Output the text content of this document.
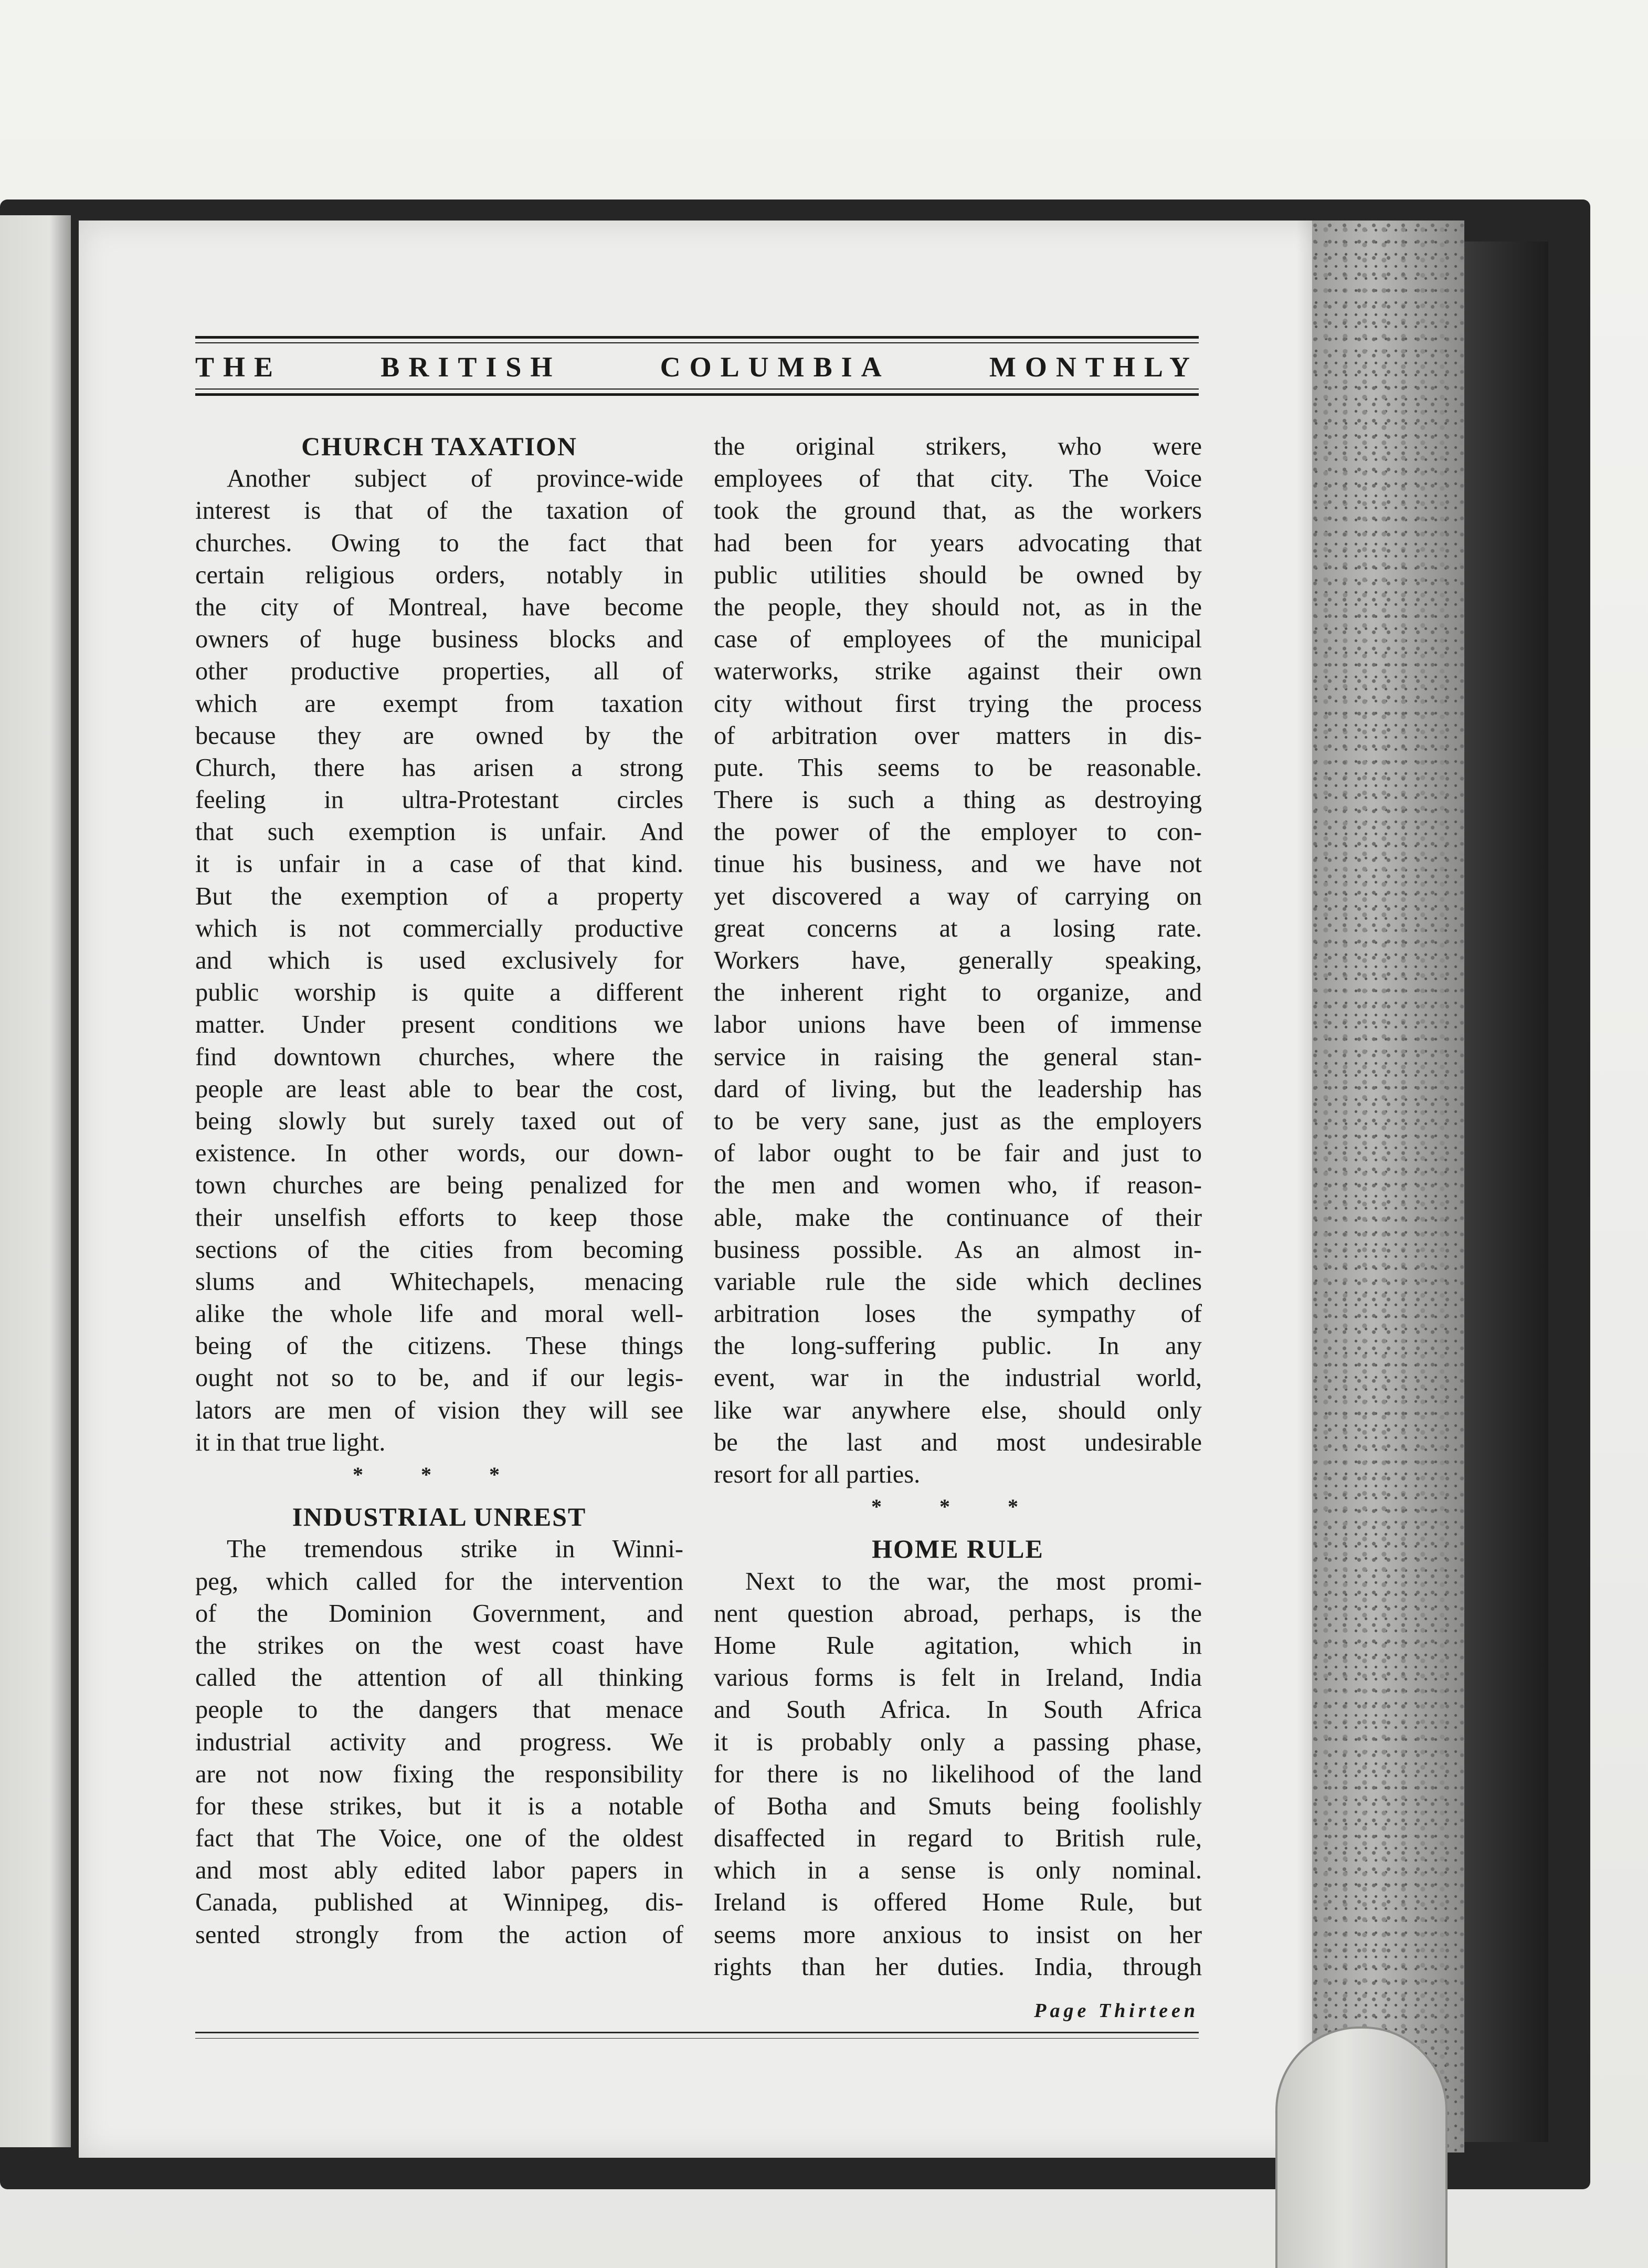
THE	BRITISH	COLUMBIA	MONTHLY
CHURCH TAXATION
Another subject of province-wide
interest is that of the taxation of
churches. Owing to the fact that
certain religious orders, notably in
the city of Montreal, have become
owners of huge business blocks and
other productive properties, all of
which are exempt from taxation
because they are owned by the
Church, there has arisen a strong
feeling in ultra-Protestant circles
that such exemption is unfair. And
it is unfair in a case of that kind.
But the exemption of a property
which is not commercially productive
and which is used exclusively for
public worship is quite a different
matter. Under present conditions we
find downtown churches, where the
people are least able to bear the cost,
being slowly but surely taxed out of
existence. In other words, our down-
town churches are being penalized for
their unselfish efforts to keep those
sections of the cities from becoming
slums and Whitechapels, menacing
alike the whole life and moral well-
being of the citizens. These things
ought not so to be, and if our legis-
lators are men of vision they will see
it in that true light.
* * *
INDUSTRIAL UNREST
The tremendous strike in Winni-
peg, which called for the intervention
of the Dominion Government, and
the strikes on the west coast have
called the attention of all thinking
people to the dangers that menace
industrial activity and progress. We
are not now fixing the responsibility
for these strikes, but it is a notable
fact that The Voice, one of the oldest
and most ably edited labor papers in
Canada, published at Winnipeg, dis-
sented strongly from the action of
the original strikers, who were
employees of that city. The Voice
took the ground that, as the workers
had been for years advocating that
public utilities should be owned by
the people, they should not, as in the
case of employees of the municipal
waterworks, strike against their own
city without first trying the process
of arbitration over matters in dis-
pute. This seems to be reasonable.
There is such a thing as destroying
the power of the employer to con-
tinue his business, and we have not
yet discovered a way of carrying on
great concerns at a losing rate.
Workers have, generally speaking,
the inherent right to organize, and
labor unions have been of immense
service in raising the general stan-
dard of living, but the leadership has
to be very sane, just as the employers
of labor ought to be fair and just to
the men and women who, if reason-
able, make the continuance of their
business possible. As an almost in-
variable rule the side which declines
arbitration loses the sympathy of
the long-suffering public. In any
event, war in the industrial world,
like war anywhere else, should only
be the last and most undesirable
resort for all parties.
* * *
HOME RULE
Next to the war, the most promi-
nent question abroad, perhaps, is the
Home Rule agitation, which in
various forms is felt in Ireland, India
and South Africa. In South Africa
it is probably only a passing phase,
for there is no likelihood of the land
of Botha and Smuts being foolishly
disaffected in regard to British rule,
which in a sense is only nominal.
Ireland is offered Home Rule, but
seems more anxious to insist on her
rights than her duties. India, through
Page Thirteen
